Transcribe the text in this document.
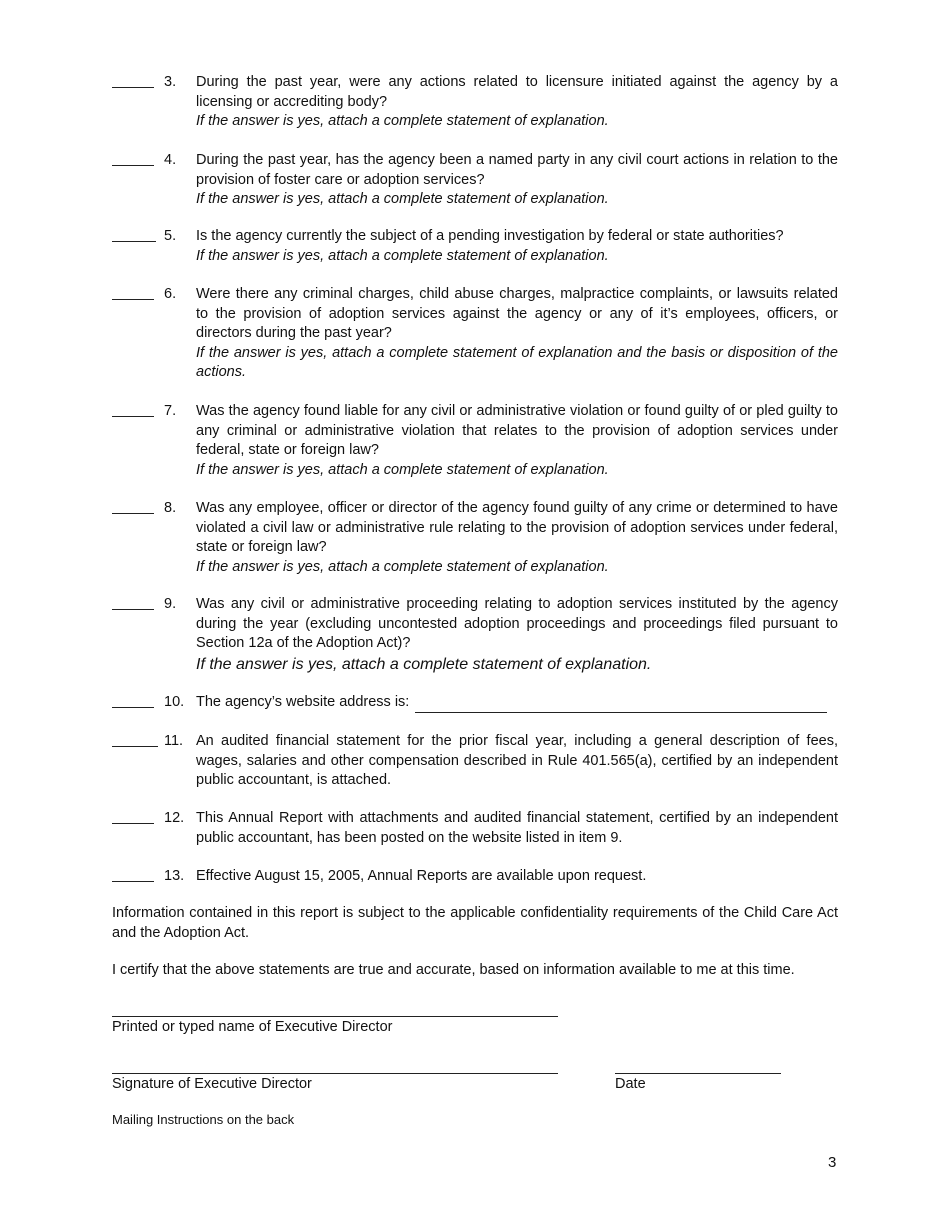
3.	During the past year, were any actions related to licensure initiated against the agency by a licensing or accrediting body?
If the answer is yes, attach a complete statement of explanation.
4.	During the past year, has the agency been a named party in any civil court actions in relation to the provision of foster care or adoption services?
If the answer is yes, attach a complete statement of explanation.
5.	Is the agency currently the subject of a pending investigation by federal or state authorities?
If the answer is yes, attach a complete statement of explanation.
6.	Were there any criminal charges, child abuse charges, malpractice complaints, or lawsuits related to the provision of adoption services against the agency or any of it’s employees, officers, or directors during the past year?
If the answer is yes, attach a complete statement of explanation and the basis or disposition of the actions.
7.	Was the agency found liable for any civil or administrative violation or found guilty of or pled guilty to any criminal or administrative violation that relates to the provision of adoption services under federal, state or foreign law?
If the answer is yes, attach a complete statement of explanation.
8.	Was any employee, officer or director of the agency found guilty of any crime or determined to have violated a civil law or administrative rule relating to the provision of adoption services under federal, state or foreign law?
If the answer is yes, attach a complete statement of explanation.
9.	Was any civil or administrative proceeding relating to adoption services instituted by the agency during the year (excluding uncontested adoption proceedings and proceedings filed pursuant to Section 12a of the Adoption Act)?
If the answer is yes, attach a complete statement of explanation.
10. The agency’s website address is:
11. An audited financial statement for the prior fiscal year, including a general description of fees, wages, salaries and other compensation described in Rule 401.565(a), certified by an independent public accountant, is attached.
12. This Annual Report with attachments and audited financial statement, certified by an independent public accountant, has been posted on the website listed in item 9.
13. Effective August 15, 2005, Annual Reports are available upon request.
Information contained in this report is subject to the applicable confidentiality requirements of the Child Care Act and the Adoption Act.
I certify that the above statements are true and accurate, based on information available to me at this time.
Printed or typed name of Executive Director
Signature of Executive Director	Date
Mailing Instructions on the back
3
